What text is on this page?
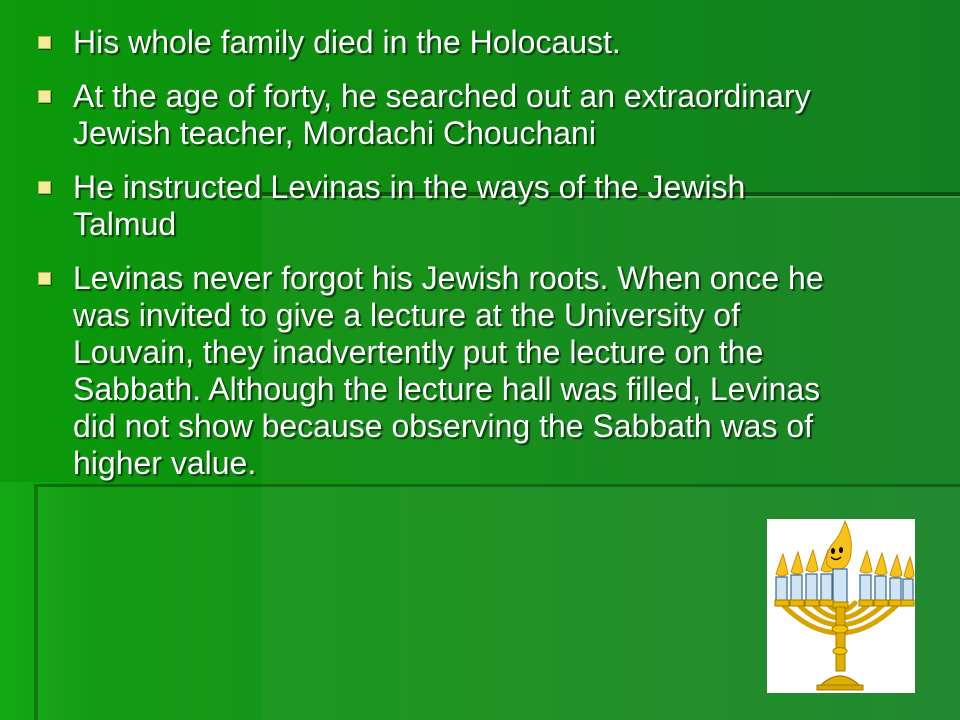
His whole family died in the Holocaust.
At the age of forty, he searched out an extraordinary Jewish teacher, Mordachi Chouchani
He instructed Levinas in the ways of the Jewish Talmud
Levinas never forgot his Jewish roots. When once he was invited to give a lecture at the University of Louvain, they inadvertently put the lecture on the Sabbath. Although the lecture hall was filled, Levinas did not show because observing the Sabbath was of higher value.
